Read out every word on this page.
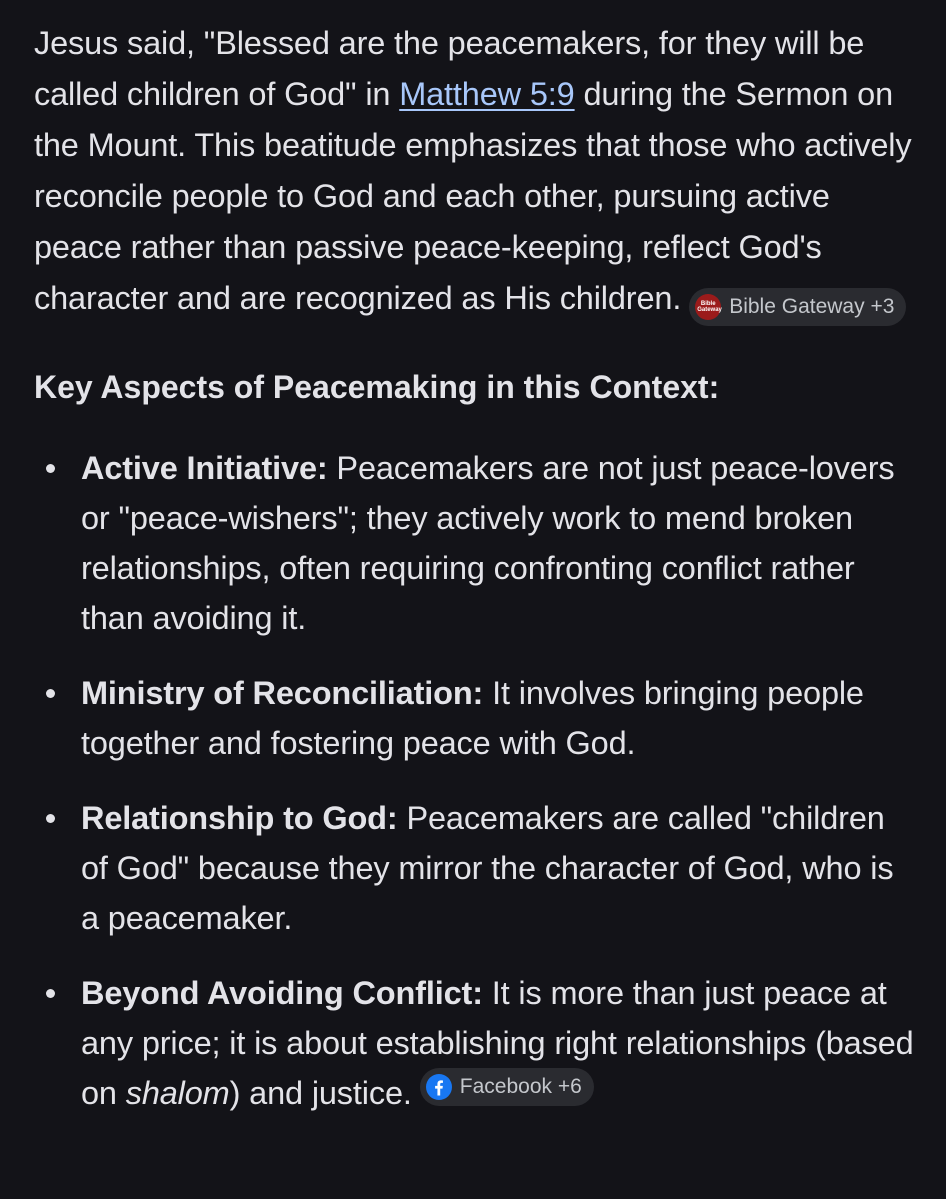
Jesus said, "Blessed are the peacemakers, for they will be called children of God" in Matthew 5:9 during the Sermon on the Mount. This beatitude emphasizes that those who actively reconcile people to God and each other, pursuing active peace rather than passive peace-keeping, reflect God's character and are recognized as His children.	Bible Gateway Bible Gateway +3

Key Aspects of Peacemaking in this Context:
Active Initiative: Peacemakers are not just peace-lovers or "peace-wishers"; they actively work to mend broken relationships, often requiring confronting conflict rather than avoiding it.
Ministry of Reconciliation: It involves bringing people together and fostering peace with God.
Relationship to God: Peacemakers are called "children of God" because they mirror the character of God, who is a peacemaker.
Beyond Avoiding Conflict: It is more than just peace at any price; it is about establishing right relationships (based on shalom) and justice. Facebook +6
